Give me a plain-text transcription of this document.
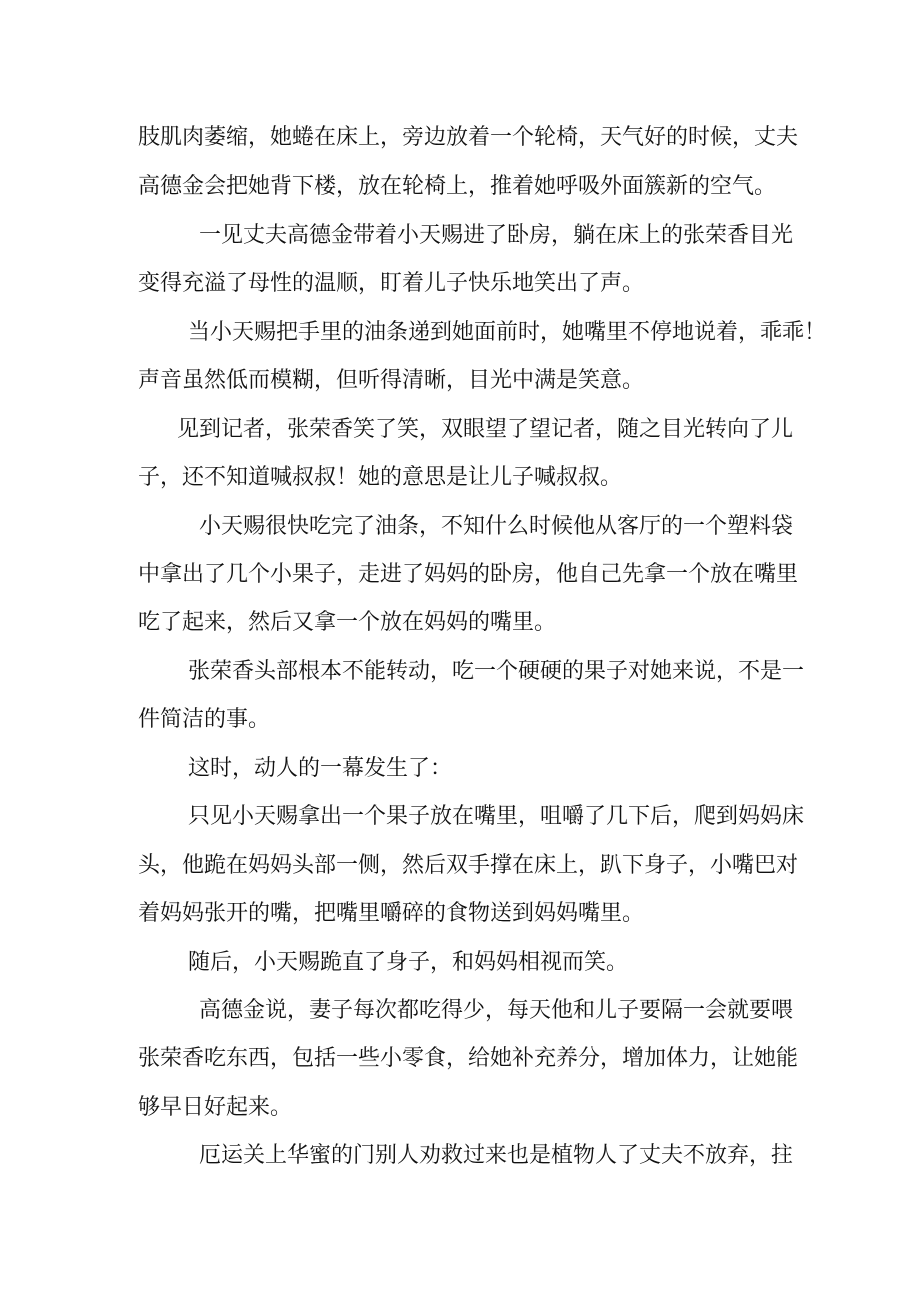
肢肌肉萎缩，她蜷在床上，旁边放着一个轮椅，天气好的时候，丈夫

高德金会把她背下楼，放在轮椅上，推着她呼吸外面簇新的空气。

一见丈夫高德金带着小天赐进了卧房，躺在床上的张荣香目光

变得充溢了母性的温顺，盯着儿子快乐地笑出了声。

当小天赐把手里的油条递到她面前时，她嘴里不停地说着，乖乖！

声音虽然低而模糊，但听得清晰，目光中满是笑意。

见到记者，张荣香笑了笑，双眼望了望记者，随之目光转向了儿

子，还不知道喊叔叔！她的意思是让儿子喊叔叔。

小天赐很快吃完了油条，不知什么时候他从客厅的一个塑料袋

中拿出了几个小果子，走进了妈妈的卧房，他自己先拿一个放在嘴里

吃了起来，然后又拿一个放在妈妈的嘴里。

张荣香头部根本不能转动，吃一个硬硬的果子对她来说，不是一

件简洁的事。

这时，动人的一幕发生了：

只见小天赐拿出一个果子放在嘴里，咀嚼了几下后，爬到妈妈床

头，他跪在妈妈头部一侧，然后双手撑在床上，趴下身子，小嘴巴对

着妈妈张开的嘴，把嘴里嚼碎的食物送到妈妈嘴里。

随后，小天赐跪直了身子，和妈妈相视而笑。

高德金说，妻子每次都吃得少，每天他和儿子要隔一会就要喂

张荣香吃东西，包括一些小零食，给她补充养分，增加体力，让她能

够早日好起来。

厄运关上华蜜的门别人劝救过来也是植物人了丈夫不放弃，拄
